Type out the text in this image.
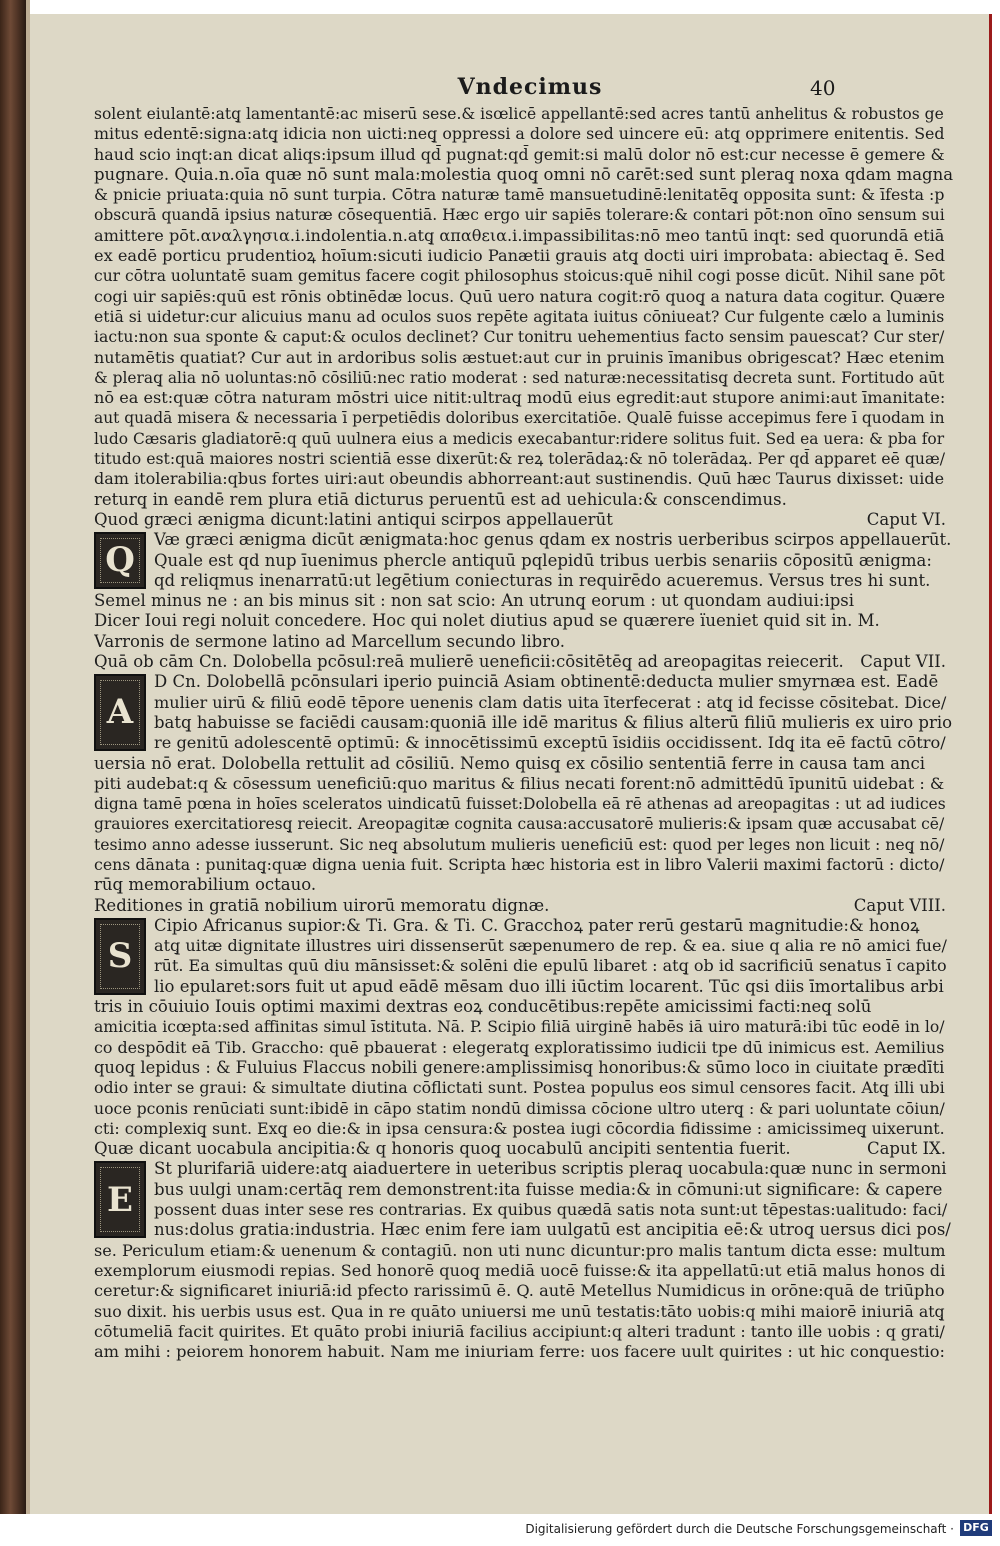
Vndecimus	40
solent eiulantē:atq̧ lamentantē:ac miserū sese.& isœlicē appellantē:sed acres tantū anhelitus & robustos ge
mitus edentē:signa:atq̧ idicia non uicti:neq̧ oppressi a dolore sed uincere eū: atq̧ opprimere enitentis. Sed
haud scio inqt:an dicat aliqs:ipsum illud qd̄ pugnat:qd̄ gemit:si malū dolor nō est:cur necesse ē gemere &
pugnare. Quia.n.oīa quæ nō sunt mala:molestia quoq̧ omni nō carēt:sed sunt pleraq̧ noxa qdam magna
& pnicie priuata:quia nō sunt turpia. Cōtra naturæ tamē mansuetudinē:lenitatēq̧ opposita sunt: & īfesta :p
obscurā quandā ipsius naturæ cōsequentiā. Hæc ergo uir sapiēs tolerare:& contari pōt:non oīno sensum sui
amittere pōt.αναλγησια.i.indolentia.n.atq̧ απαθεια.i.impassibilitas:nō meo tantū inqt: sed quorundā etiā
ex eadē porticu prudentioꝝ hoīum:sicuti iudicio Panætii grauis atq̧ docti uiri improbata: abiectaq̧ ē. Sed
cur cōtra uoluntatē suam gemitus facere cogit philosophus stoicus:quē nihil cogi posse dicūt. Nihil sane pōt
cogi uir sapiēs:quū est rōnis obtinēdæ locus. Quū uero natura cogit:rō quoq̧ a natura data cogitur. Quære
etiā si uidetur:cur alicuius manu ad oculos suos repēte agitata iuitus cōniueat? Cur fulgente cælo a luminis
iactu:non sua sponte & caput:& oculos declinet? Cur tonitru uehementius facto sensim pauescat? Cur ster/
nutamētis quatiat? Cur aut in ardoribus solis æstuet:aut cur in pruinis īmanibus obrigescat? Hæc etenim
& pleraq̧ alia nō uoluntas:nō cōsiliū:nec ratio moderat : sed naturæ:necessitatisq̧ decreta sunt. Fortitudo aūt
nō ea est:quæ cōtra naturam mōstri uice nitit:ultraq̧ modū eius egredit:aut stupore animi:aut īmanitate:
aut quadā misera & necessaria ī perpetiēdis doloribus exercitatiōe. Qualē fuisse accepimus fere ī quodam in
ludo Cæsaris gladiatorē:q quū uulnera eius a medicis execabantur:ridere solitus fuit. Sed ea uera: & pba for
titudo est:quā maiores nostri scientiā esse dixerūt:& reꝝ tolerādaꝝ:& nō tolerādaꝝ. Per qd̄ apparet eē quæ/
dam itolerabilia:qbus fortes uiri:aut obeundis abhorreant:aut sustinendis. Quū hæc Taurus dixisset: uide
returq̧ in eandē rem plura etiā dicturus peruentū est ad uehicula:& conscendimus.
Quod græci ænigma dicunt:latini antiqui scirpos appellauerūt	Caput VI.
Q
Væ græci ænigma dicūt ænigmata:hoc genus qdam ex nostris uerberibus scirpos appellauerūt.
Quale est qd̄ nup īuenimus phercle antiquū pqlepidū tribus uerbis senariis cōpositū ænigma:
qd̄ reliqmus inenarratū:ut legētium coniecturas in requirēdo acueremus. Versus tres hi sunt.
Semel minus ne : an bis minus sit : non sat scio: An utrunq̧ eorum : ut quondam audiui:ipsi
Dicer Ioui regi noluit concedere. Hoc qui nolet diutius apud se quærere ïueniet quid sit in. M.
Varronis de sermone latino ad Marcellum secundo libro.
Quā ob cām Cn. Dolobella pcōsul:reā mulierē ueneficii:cōsitētēq̧ ad areopagitas reiecerit. Caput VII.
A
D Cn. Dolobellā pcōnsulari iperio puinciā Asiam obtinentē:deducta mulier smyrnæa est. Eadē
mulier uirū & filiū eodē tēpore uenenis clam datis uita īterfecerat : atq̧ id fecisse cōsitebat. Dice/
batq̧ habuisse se faciēdi causam:quoniā ille idē maritus & filius alterū filiū mulieris ex uiro prio
re genitū adolescentē optimū: & innocētissimū exceptū īsidiis occidissent. Idq̧ ita eē factū cōtro/
uersia nō erat. Dolobella rettulit ad cōsiliū. Nemo quisq̧ ex cōsilio sententiā ferre in causa tam anci
piti audebat:q & cōsessum ueneficiū:quo maritus & filius necati forent:nō admittēdū īpunitū uidebat : &
digna tamē pœna in hoīes sceleratos uindicatū fuisset:Dolobella eā rē athenas ad areopagitas : ut ad iudices
grauiores exercitatioresq̧ reiecit. Areopagitæ cognita causa:accusatorē mulieris:& ipsam quæ accusabat cē/
tesimo anno adesse iusserunt. Sic neq̧ absolutum mulieris ueneficiū est: quod per leges non licuit : neq̧ nō/
cens dānata : punitaq̧:quæ digna uenia fuit. Scripta hæc historia est in libro Valerii maximi factorū : dicto/
rūq̧ memorabilium octauo.
Reditiones in gratiā nobilium uirorū memoratu dignæ.	Caput VIII.
S
Cipio Africanus supior:& Ti. Gra. & Ti. C. Gracchoꝝ pater rerū gestarū magnitudie:& honoꝝ
atq̧ uitæ dignitate illustres uiri dissenserūt sæpenumero de rep. & ea. siue q alia re nō amici fue/
rūt. Ea simultas quū diu mānsisset:& solēni die epulū libaret : atq̧ ob id sacrificiū senatus ī capito
lio epularet:sors fuit ut apud eādē mēsam duo illi iūctim locarent. Tūc qsi diis īmortalibus arbi
tris in cōuiuio Iouis optimi maximi dextras eoꝝ conducētibus:repēte amicissimi facti:neq̧ solū
amicitia icœpta:sed affinitas simul īstituta. Nā. P. Scipio filiā uirginē habēs iā uiro maturā:ibi tūc eodē in lo/
co despōdit eā Tib. Graccho: quē pbauerat : elegeratq̧ exploratissimo iudicii tpe dū inimicus est. Aemilius
quoq̧ lepidus : & Fuluius Flaccus nobili genere:amplissimisq̧ honoribus:& sūmo loco in ciuitate prædīti
odio inter se graui: & simultate diutina cōflictati sunt. Postea populus eos simul censores facit. Atq̧ illi ubi
uoce pconis renūciati sunt:ibidē in cāpo statim nondū dimissa cōcione ultro uterq̧ : & pari uoluntate cōiun/
cti: complexiq̧ sunt. Exq̧ eo die:& in ipsa censura:& postea iugi cōcordia fidissime : amicissimeq̧ uixerunt.
Quæ dicant uocabula ancipitia:& q honoris quoq̧ uocabulū ancipiti sententia fuerit.	Caput IX.
E
St plurifariā uidere:atq̧ aiaduertere in ueteribus scriptis pleraq̧ uocabula:quæ nunc in sermoni
bus uulgi unam:certāq̧ rem demonstrent:ita fuisse media:& in cōmuni:ut significare: & capere
possent duas inter sese res contrarias. Ex quibus quædā satis nota sunt:ut tēpestas:ualitudo: faci/
nus:dolus gratia:industria. Hæc enim fere iam uulgatū est ancipitia eē:& utroq̧ uersus dici pos/
se. Periculum etiam:& uenenum & contagiū. non uti nunc dicuntur:pro malis tantum dicta esse: multum
exemplorum eiusmodi repias. Sed honorē quoq̧ mediā uocē fuisse:& ita appellatū:ut etiā malus honos di
ceretur:& significaret iniuriā:id pfecto rarissimū ē. Q. autē Metellus Numidicus in orōne:quā de triūpho
suo dixit. his uerbis usus est. Qua in re quāto uniuersi me unū testatis:tāto uobis:q mihi maiorē iniuriā atq̧
cōtumeliā facit quirites. Et quāto probi iniuriā facilius accipiunt:q alteri tradunt : tanto ille uobis : q grati/
am mihi : peiorem honorem habuit. Nam me iniuriam ferre: uos facere uult quirites : ut hic conquestio:
Digitalisierung gefördert durch die Deutsche Forschungsgemeinschaft · DFG
